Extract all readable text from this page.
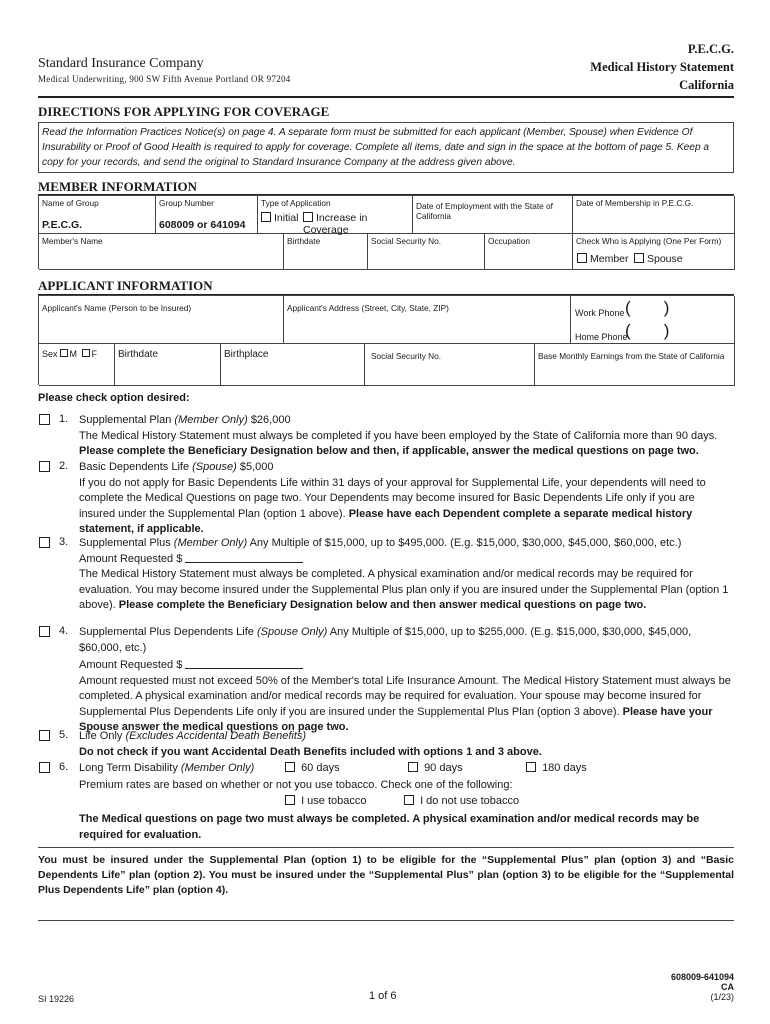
Standard Insurance Company
Medical Underwriting, 900 SW Fifth Avenue Portland OR 97204
P.E.C.G.
Medical History Statement
California
DIRECTIONS FOR APPLYING FOR COVERAGE
Read the Information Practices Notice(s) on page 4. A separate form must be submitted for each applicant (Member, Spouse) when Evidence Of Insurability or Proof of Good Health is required to apply for coverage. Complete all items, date and sign in the space at the bottom of page 5. Keep a copy for your records, and send the original to Standard Insurance Company at the address given above.
MEMBER INFORMATION
Name of Group
P.E.C.G.
Group Number
608009 or 641094
Type of Application
Initial	Increase in Coverage
Date of Employment with the State of California
Date of Membership in P.E.C.G.
Member's Name	Birthdate	Social Security No.	Occupation	Check Who is Applying (One Per Form)
Member	Spouse
APPLICANT INFORMATION
Applicant's Name (Person to be Insured)	Applicant's Address (Street, City, State, ZIP)	Work Phone (       )
Home Phone
(       )
Sex M F Birthdate	Birthplace	Social Security No.	Base Monthly Earnings from the State of California
Please check option desired:
1. Supplemental Plan (Member Only) $26,000
The Medical History Statement must always be completed if you have been employed by the State of California more than 90 days.
Please complete the Beneficiary Designation below and then, if applicable, answer the medical questions on page two.
2. Basic Dependents Life (Spouse) $5,000
If you do not apply for Basic Dependents Life within 31 days of your approval for Supplemental Life, your dependents will need to complete the Medical Questions on page two. Your Dependents may become insured for Basic Dependents Life only if you are insured under the Supplemental Plan (option 1 above). Please have each Dependent complete a separate medical history statement, if applicable.
3. Supplemental Plus (Member Only) Any Multiple of $15,000, up to $495,000. (E.g. $15,000, $30,000, $45,000, $60,000, etc.)
Amount Requested $
The Medical History Statement must always be completed. A physical examination and/or medical records may be required for evaluation. You may become insured under the Supplemental Plus plan only if you are insured under the Supplemental Plan (option 1 above). Please complete the Beneficiary Designation below and then answer medical questions on page two.
4. Supplemental Plus Dependents Life (Spouse Only) Any Multiple of $15,000, up to $255,000. (E.g. $15,000, $30,000, $45,000, $60,000, etc.)
Amount Requested $
Amount requested must not exceed 50% of the Member's total Life Insurance Amount. The Medical History Statement must always be completed. A physical examination and/or medical records may be required for evaluation. Your spouse may become insured for Supplemental Plus Dependents Life only if you are insured under the Supplemental Plus Plan (option 3 above). Please have your Spouse answer the medical questions on page two.
5. Life Only (Excludes Accidental Death Benefits)
Do not check if you want Accidental Death Benefits included with options 1 and 3 above.
6. Long Term Disability (Member Only)	60 days	90 days	180 days
Premium rates are based on whether or not you use tobacco. Check one of the following:
I use tobacco	I do not use tobacco
The Medical questions on page two must always be completed. A physical examination and/or medical records may be required for evaluation.
You must be insured under the Supplemental Plan (option 1) to be eligible for the “Supplemental Plus” plan (option 3) and “Basic Dependents Life” plan (option 2). You must be insured under the “Supplemental Plus” plan (option 3) to be eligible for the “Supplemental Plus Dependents Life” plan (option 4).
SI 19226	1 of 6
608009-641094
CA
(1/23)
